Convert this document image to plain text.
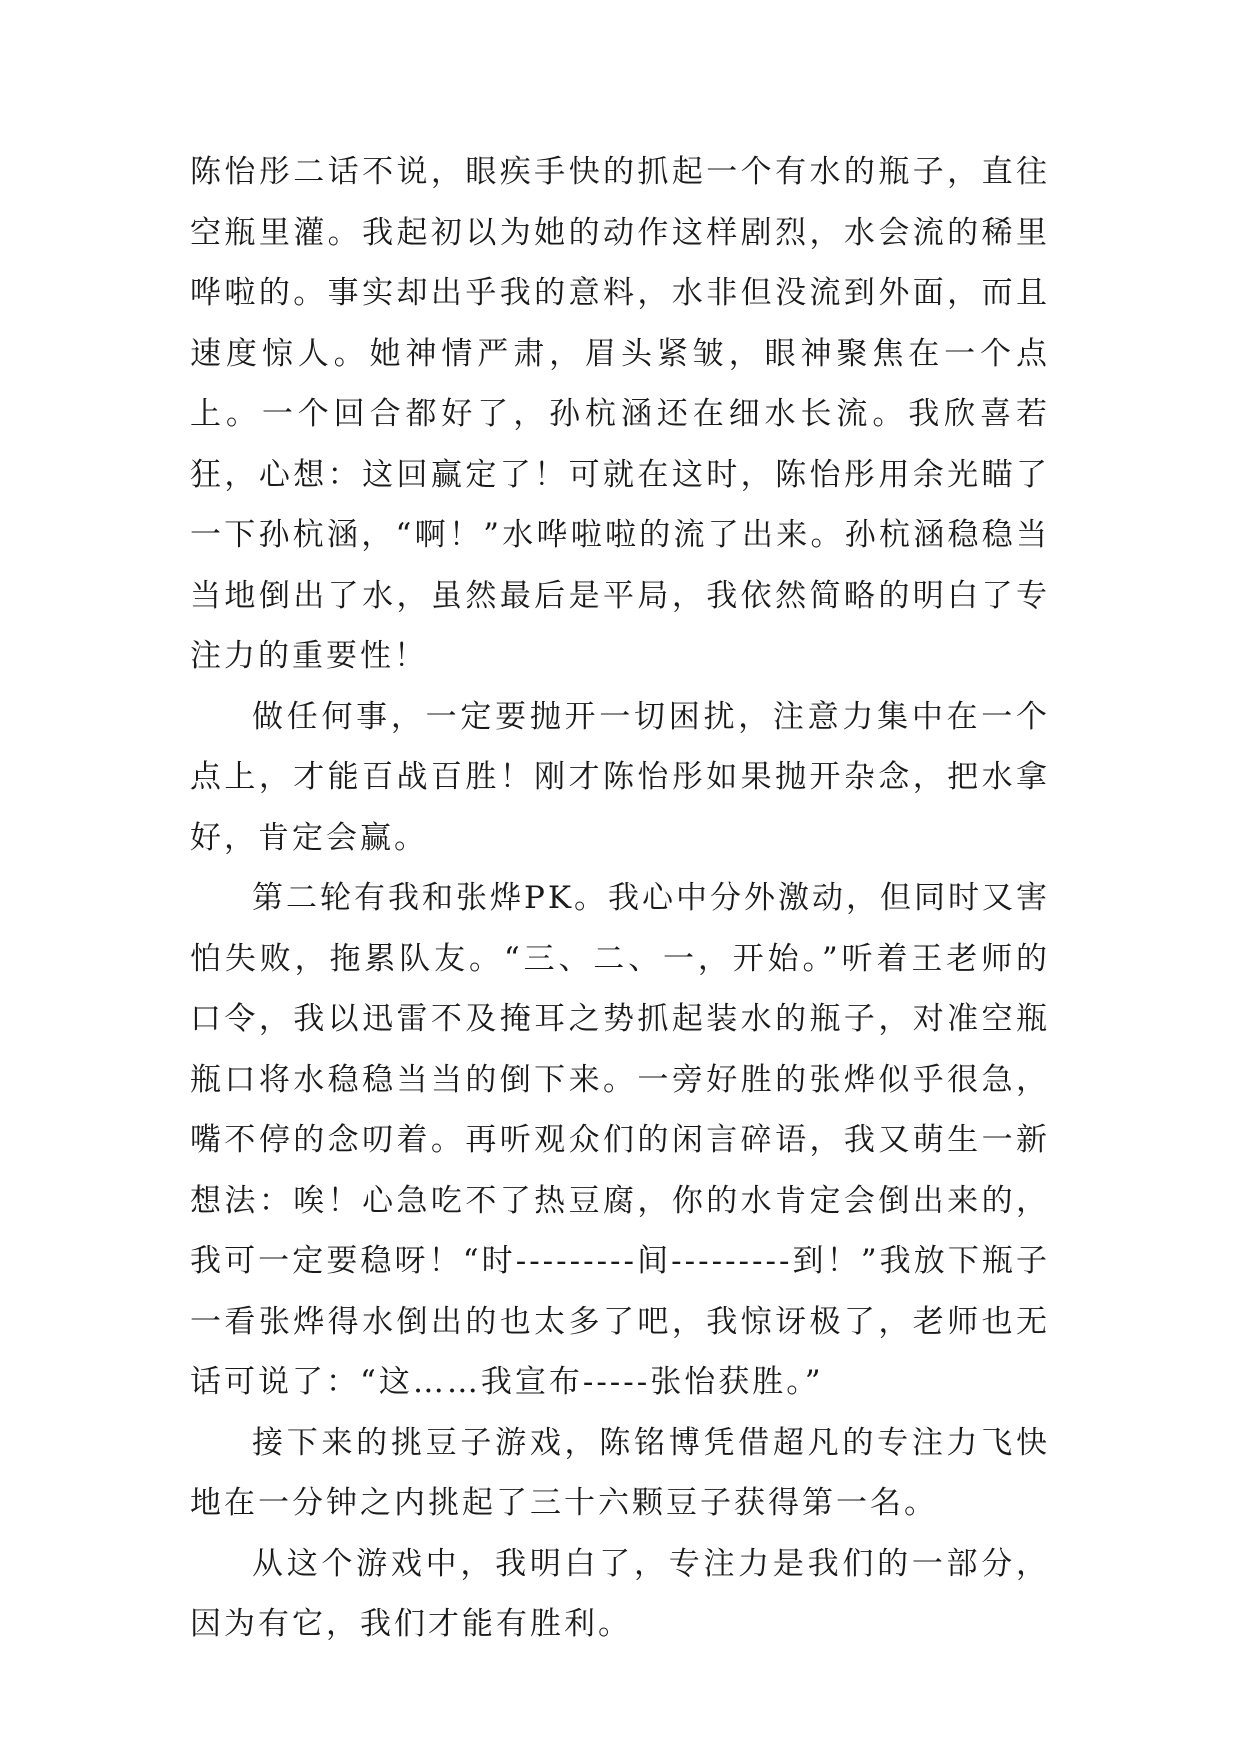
陈怡彤二话不说，眼疾手快的抓起一个有水的瓶子，直往空瓶里灌。我起初以为她的动作这样剧烈，水会流的稀里哗啦的。事实却出乎我的意料，水非但没流到外面，而且速度惊人。她神情严肃，眉头紧皱，眼神聚焦在一个点上。一个回合都好了，孙杭涵还在细水长流。我欣喜若狂，心想：这回赢定了！可就在这时，陈怡彤用余光瞄了一下孙杭涵，“啊！”水哗啦啦的流了出来。孙杭涵稳稳当当地倒出了水，虽然最后是平局，我依然简略的明白了专注力的重要性！

做任何事，一定要抛开一切困扰，注意力集中在一个点上，才能百战百胜！刚才陈怡彤如果抛开杂念，把水拿好，肯定会赢。

第二轮有我和张烨PK。我心中分外激动，但同时又害怕失败，拖累队友。“三、二、一，开始。”听着王老师的口令，我以迅雷不及掩耳之势抓起装水的瓶子，对准空瓶瓶口将水稳稳当当的倒下来。一旁好胜的张烨似乎很急，嘴不停的念叨着。再听观众们的闲言碎语，我又萌生一新想法：唉！心急吃不了热豆腐，你的水肯定会倒出来的，我可一定要稳呀！“时---------间---------到！”我放下瓶子一看张烨得水倒出的也太多了吧，我惊讶极了，老师也无话可说了：“这……我宣布-----张怡获胜。”

接下来的挑豆子游戏，陈铭博凭借超凡的专注力飞快地在一分钟之内挑起了三十六颗豆子获得第一名。

从这个游戏中，我明白了，专注力是我们的一部分，因为有它，我们才能有胜利。
